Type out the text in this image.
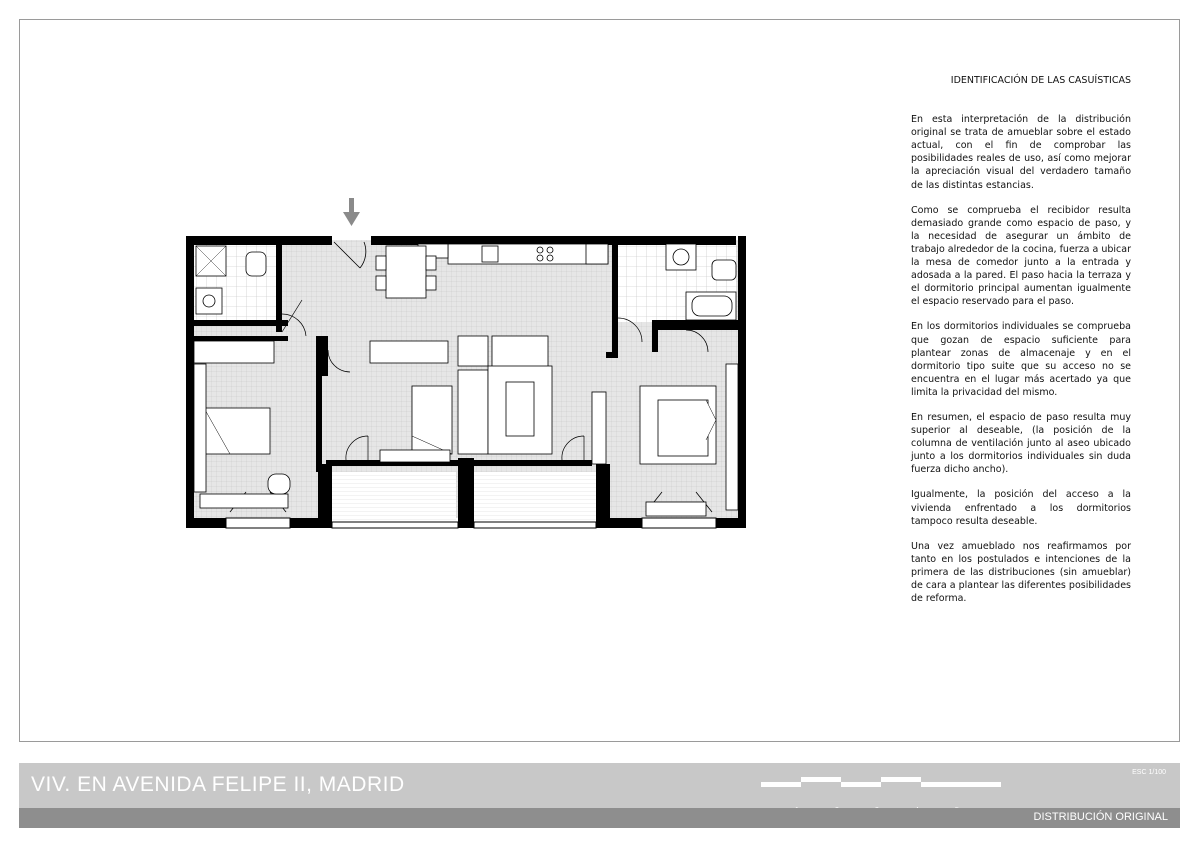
IDENTIFICACIÓN DE LAS CASUÍSTICAS

En esta interpretación de la distribución original se trata de amueblar sobre el estado actual, con el fin de comprobar las posibilidades reales de uso, así como mejorar la apreciación visual del verdadero tamaño de las distintas estancias.

Como se comprueba el recibidor resulta demasiado grande como espacio de paso, y la necesidad de asegurar un ámbito de trabajo alrededor de la cocina, fuerza a ubicar la mesa de comedor junto a la entrada y adosada a la pared. El paso hacia la terraza y el dormitorio principal aumentan igualmente el espacio reservado para el paso.

En los dormitorios individuales se comprueba que gozan de espacio suficiente para plantear zonas de almacenaje y en el dormitorio tipo suite que su acceso no se encuentra en el lugar más acertado ya que limita la privacidad del mismo.

En resumen, el espacio de paso resulta muy superior al deseable, (la posición de la columna de ventilación junto al aseo ubicado junto a los dormitorios individuales sin duda fuerza dicho ancho).

Igualmente, la posición del acceso a la vivienda enfrentado a los dormitorios tampoco resulta deseable.

Una vez amueblado nos reafirmamos por tanto en los postulados e intenciones de la primera de las distribuciones (sin amueblar) de cara a plantear las diferentes posibilidades de reforma.

VIV. EN AVENIDA FELIPE II, MADRID
ESC 1/100
DISTRIBUCIÓN ORIGINAL
